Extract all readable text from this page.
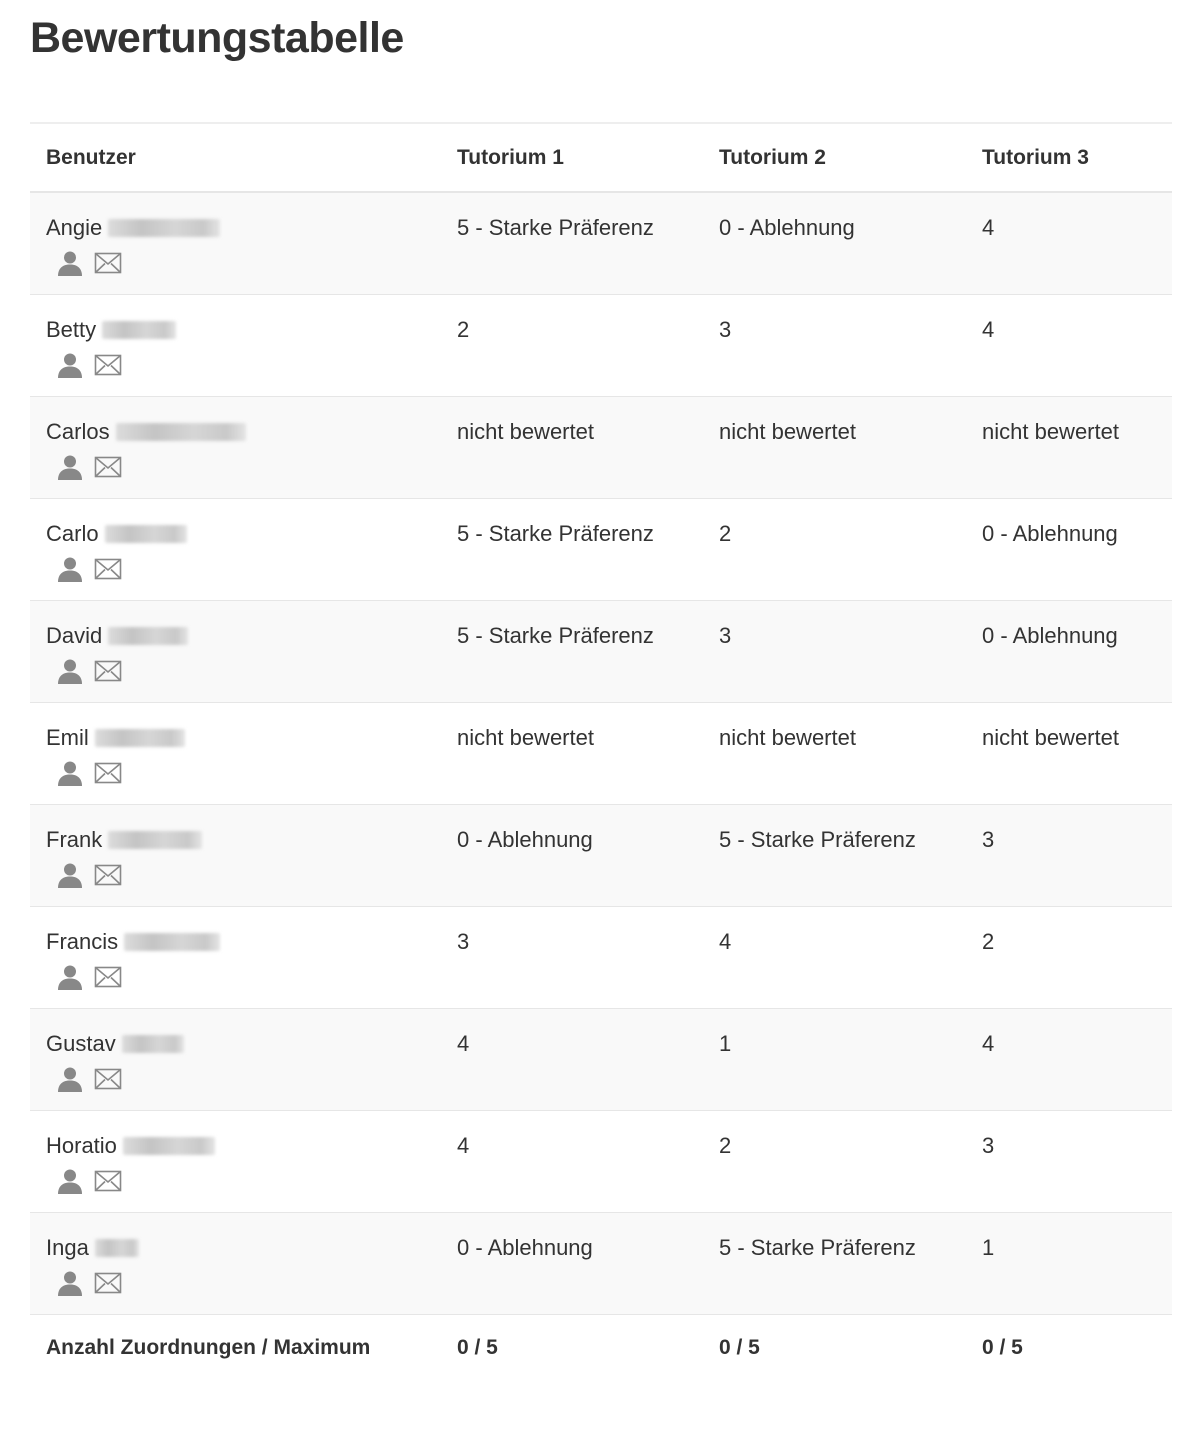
Bewertungstabelle
Benutzer	Tutorium 1	Tutorium 2	Tutorium 3

Angie	5 - Starke Präferenz	0 - Ablehnung	4

Betty	2	3	4

Carlos	nicht bewertet	nicht bewertet	nicht bewertet

Carlo	5 - Starke Präferenz	2	0 - Ablehnung

David	5 - Starke Präferenz	3	0 - Ablehnung

Emil	nicht bewertet	nicht bewertet	nicht bewertet

Frank	0 - Ablehnung	5 - Starke Präferenz	3

Francis	3	4	2

Gustav	4	1	4

Horatio	4	2	3

Inga	0 - Ablehnung	5 - Starke Präferenz	1

Anzahl Zuordnungen / Maximum	0 / 5	0 / 5	0 / 5
